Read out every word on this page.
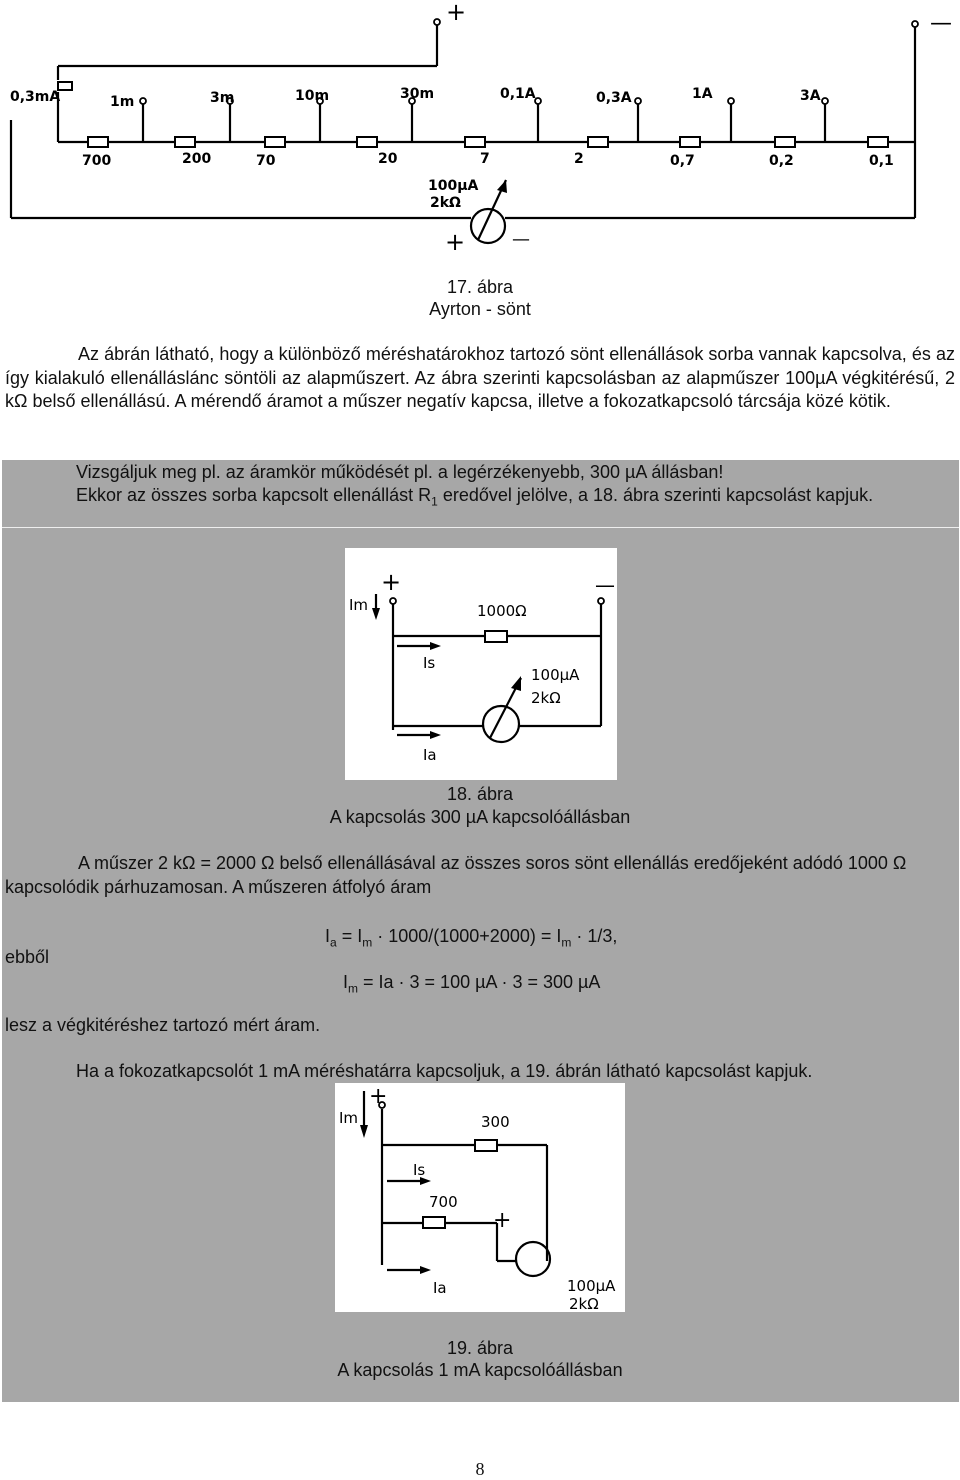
+	—
0,3mA	1m	3m	10m	30m	0,1A	0,3A	1A	3A
700	200	70	20	7	2	0,7	0,2	0,1
100µA
2kΩ
+	—
17. ábra
Ayrton - sönt
Az ábrán látható, hogy a különböző méréshatárokhoz tartozó sönt ellenállások sorba vannak kapcsolva, és az így kialakuló ellenálláslánc söntöli az alapműszert. Az ábra szerinti kapcsolásban az alapműszer 100µA végkitérésű, 2 kΩ belső ellenállású. A mérendő áramot a műszer negatív kapcsa, illetve a fokozatkapcsoló tárcsája közé kötik.
Vizsgáljuk meg pl. az áramkör működését pl. a legérzékenyebb, 300 µA állásban!
Ekkor az összes sorba kapcsolt ellenállást $R_1$ eredővel jelölve, a 18. ábra szerinti kapcsolást kapjuk.
Im
+	—
1000Ω
Is
Ia
100µA
2kΩ
18. ábra
A kapcsolás 300 µA kapcsolóállásban
A műszer 2 kΩ = 2000 Ω belső ellenállásával az összes soros sönt ellenállás eredőjeként adódó 1000 Ω kapcsolódik párhuzamosan. A műszeren átfolyó áram
$I_a = I_m \cdot 1000/(1000+2000) = I_m \cdot 1/3$,
ebből
$I_m = Ia \cdot 3 = 100$ µA · 3 = 300 µA
lesz a végkitéréshez tartozó mért áram.
Ha a fokozatkapcsolót 1 mA méréshatárra kapcsoljuk, a 19. ábrán látható kapcsolást kapjuk.
Im
+
300
700
Is
Ia
+
100µA
2kΩ
19. ábra
A kapcsolás 1 mA kapcsolóállásban
8
